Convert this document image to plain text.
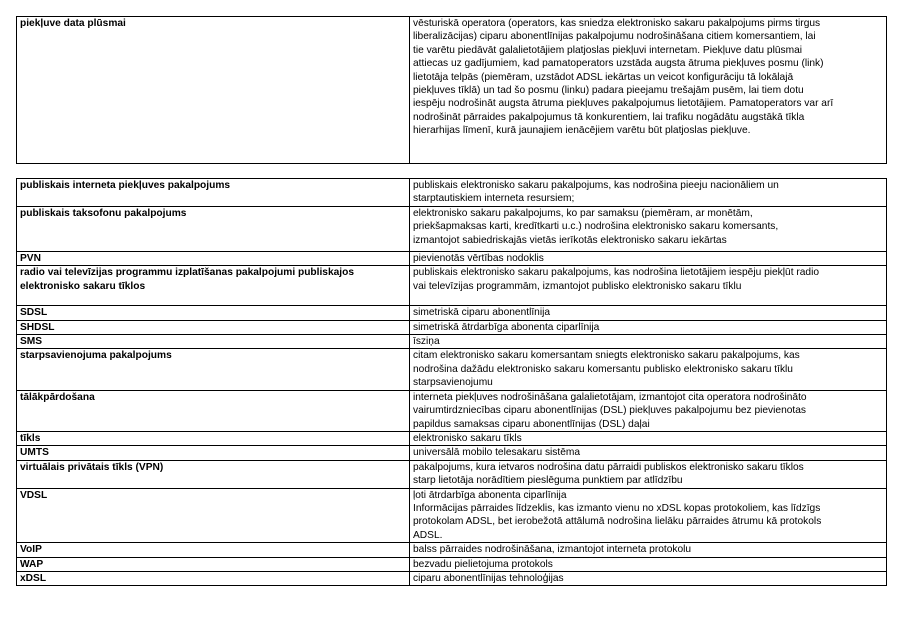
piekļuve data plūsmai	vēsturiskā operatora (operators, kas sniedza elektronisko sakaru pakalpojums pirms tirgus
liberalizācijas) ciparu abonentlīnijas pakalpojumu nodrošināšana citiem komersantiem, lai
tie varētu piedāvāt galalietotājiem platjoslas piekļuvi internetam. Piekļuve datu plūsmai
attiecas uz gadījumiem, kad pamatoperators uzstāda augsta ātruma piekļuves posmu (link)
lietotāja telpās (piemēram, uzstādot ADSL iekārtas un veicot konfigurāciju tā lokālajā
piekļuves tīklā) un tad šo posmu (linku) padara pieejamu trešajām pusēm, lai tiem dotu
iespēju nodrošināt augsta ātruma piekļuves pakalpojumus lietotājiem. Pamatoperators var arī
nodrošināt pārraides pakalpojumus tā konkurentiem, lai trafiku nogādātu augstākā tīkla
hierarhijas līmenī, kurā jaunajiem ienācējiem varētu būt platjoslas piekļuve.
publiskais interneta piekļuves pakalpojums	publiskais elektronisko sakaru pakalpojums, kas nodrošina pieeju nacionāliem un
starptautiskiem interneta resursiem;

publiskais taksofonu pakalpojums	elektronisko sakaru pakalpojums, ko par samaksu (piemēram, ar monētām,
priekšapmaksas karti, kredītkarti u.c.) nodrošina elektronisko sakaru komersants,
izmantojot sabiedriskajās vietās ierīkotās elektronisko sakaru iekārtas

PVN	pievienotās vērtības nodoklis

radio vai televīzijas programmu izplatīšanas pakalpojumi publiskajos
elektronisko sakaru tīklos	publiskais elektronisko sakaru pakalpojums, kas nodrošina lietotājiem iespēju piekļūt radio
vai televīzijas programmām, izmantojot publisko elektronisko sakaru tīklu

SDSL	simetriskā ciparu abonentlīnija

SHDSL	simetriskā ātrdarbīga abonenta ciparlīnija

SMS	īsziņa

starpsavienojuma pakalpojums	citam elektronisko sakaru komersantam sniegts elektronisko sakaru pakalpojums, kas
nodrošina dažādu elektronisko sakaru komersantu publisko elektronisko sakaru tīklu
starpsavienojumu

tālākpārdošana	interneta piekļuves nodrošināšana galalietotājam, izmantojot cita operatora nodrošināto
vairumtirdzniecības ciparu abonentlīnijas (DSL) piekļuves pakalpojumu bez pievienotas
papildus samaksas ciparu abonentlīnijas (DSL) daļai

tīkls	elektronisko sakaru tīkls

UMTS	universālā mobilo telesakaru sistēma

virtuālais privātais tīkls (VPN)	pakalpojums, kura ietvaros nodrošina datu pārraidi publiskos elektronisko sakaru tīklos
starp lietotāja norādītiem pieslēguma punktiem par atlīdzību

VDSL	ļoti ātrdarbīga abonenta ciparlīnija
Informācijas pārraides līdzeklis, kas izmanto vienu no xDSL kopas protokoliem, kas līdzīgs
protokolam ADSL, bet ierobežotā attālumā nodrošina lielāku pārraides ātrumu kā protokols
ADSL.

VoIP	balss pārraides nodrošināšana, izmantojot interneta protokolu

WAP	bezvadu pielietojuma protokols

xDSL	ciparu abonentlīnijas tehnoloģijas
